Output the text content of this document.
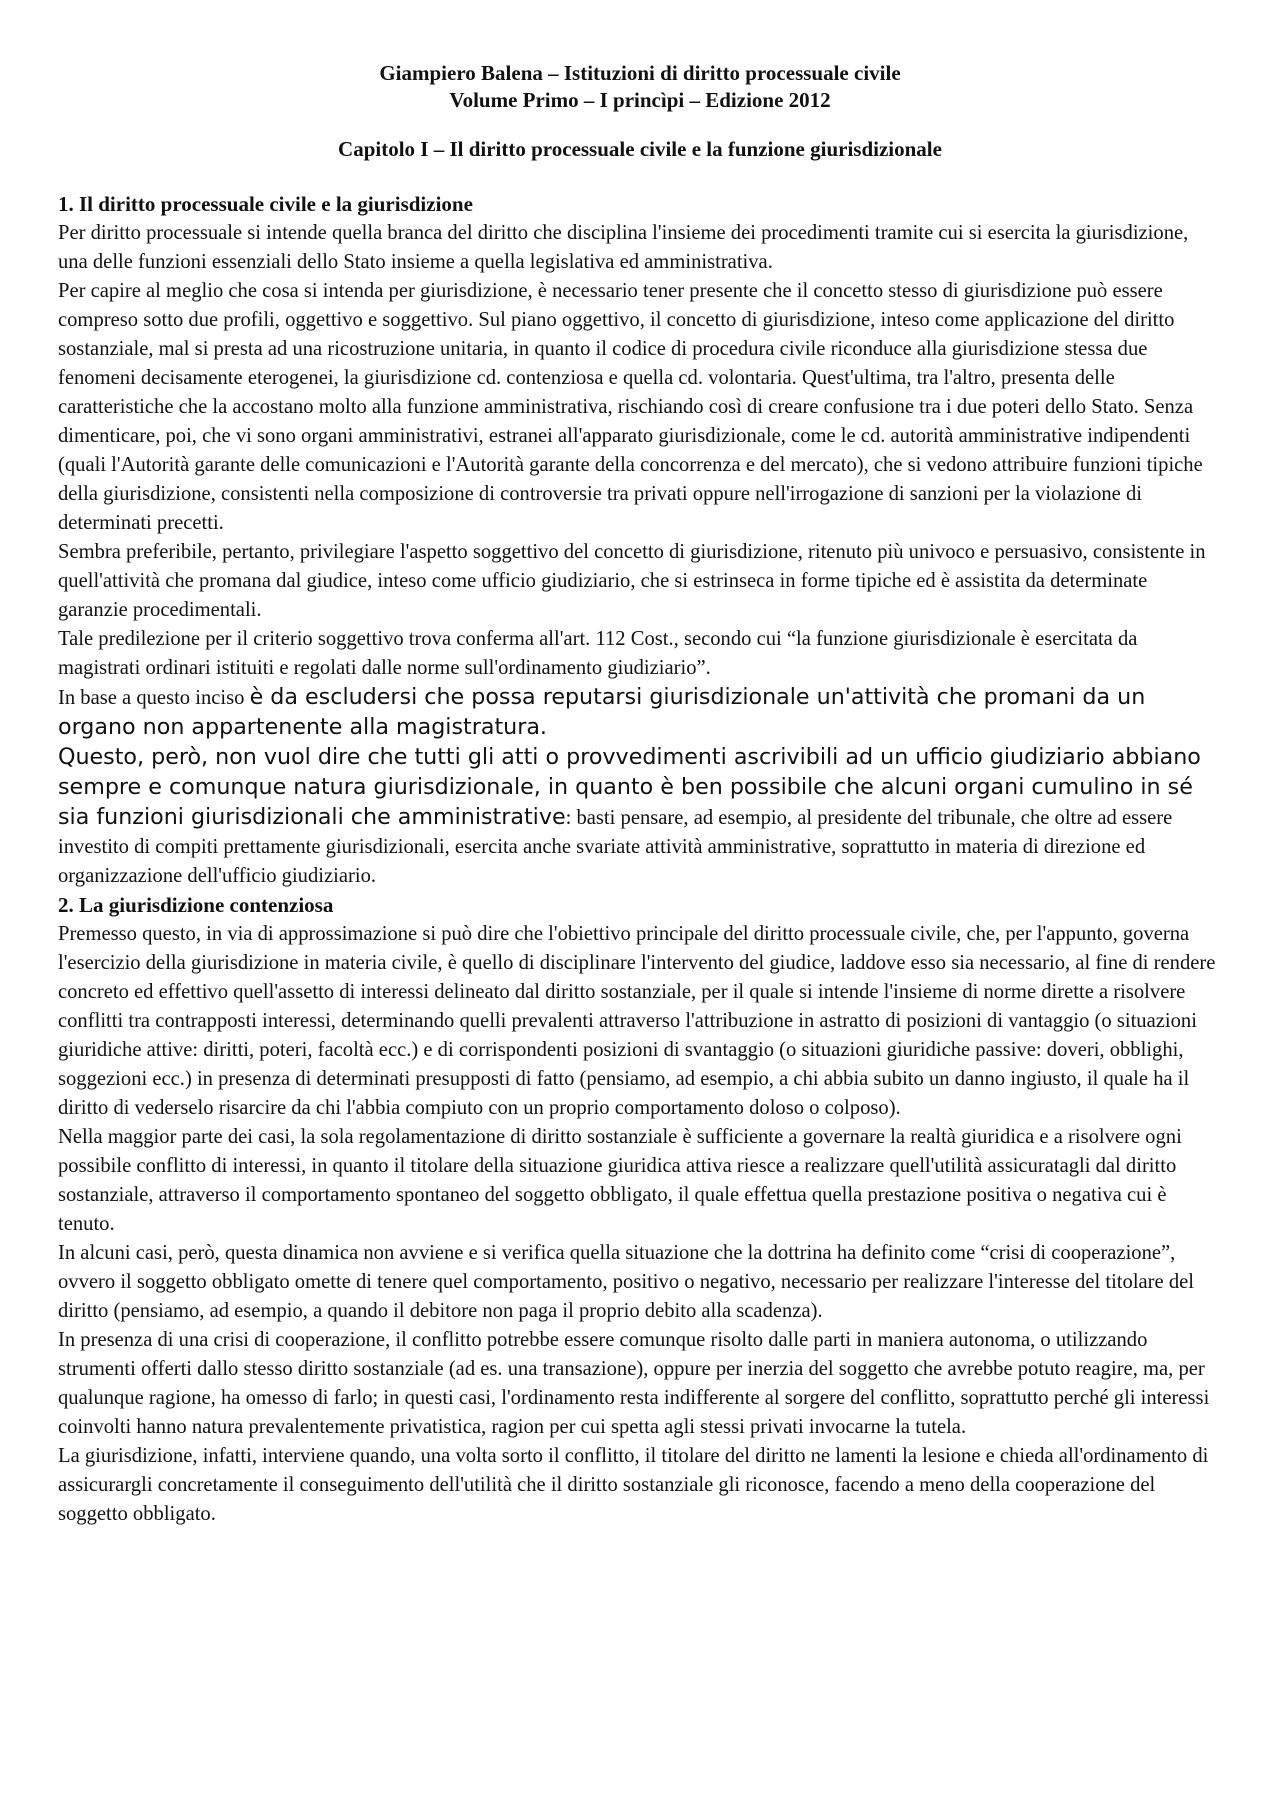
Giampiero Balena – Istituzioni di diritto processuale civile
Volume Primo – I princìpi – Edizione 2012
Capitolo I – Il diritto processuale civile e la funzione giurisdizionale
1. Il diritto processuale civile e la giurisdizione

Per diritto processuale si intende quella branca del diritto che disciplina l'insieme dei procedimenti tramite cui si esercita la giurisdizione, una delle funzioni essenziali dello Stato insieme a quella legislativa ed amministrativa.

Per capire al meglio che cosa si intenda per giurisdizione, è necessario tener presente che il concetto stesso di giurisdizione può essere compreso sotto due profili, oggettivo e soggettivo. Sul piano oggettivo, il concetto di giurisdizione, inteso come applicazione del diritto sostanziale, mal si presta ad una ricostruzione unitaria, in quanto il codice di procedura civile riconduce alla giurisdizione stessa due fenomeni decisamente eterogenei, la giurisdizione cd. contenziosa e quella cd. volontaria. Quest'ultima, tra l'altro, presenta delle caratteristiche che la accostano molto alla funzione amministrativa, rischiando così di creare confusione tra i due poteri dello Stato. Senza dimenticare, poi, che vi sono organi amministrativi, estranei all'apparato giurisdizionale, come le cd. autorità amministrative indipendenti (quali l'Autorità garante delle comunicazioni e l'Autorità garante della concorrenza e del mercato), che si vedono attribuire funzioni tipiche della giurisdizione, consistenti nella composizione di controversie tra privati oppure nell'irrogazione di sanzioni per la violazione di determinati precetti.

Sembra preferibile, pertanto, privilegiare l'aspetto soggettivo del concetto di giurisdizione, ritenuto più univoco e persuasivo, consistente in quell'attività che promana dal giudice, inteso come ufficio giudiziario, che si estrinseca in forme tipiche ed è assistita da determinate garanzie procedimentali.

Tale predilezione per il criterio soggettivo trova conferma all'art. 112 Cost., secondo cui “la funzione giurisdizionale è esercitata da magistrati ordinari istituiti e regolati dalle norme sull'ordinamento giudiziario”.

In base a questo inciso è da escludersi che possa reputarsi giurisdizionale un'attività che promani da un organo non appartenente alla magistratura.
Questo, però, non vuol dire che tutti gli atti o provvedimenti ascrivibili ad un ufficio giudiziario abbiano sempre e comunque natura giurisdizionale, in quanto è ben possibile che alcuni organi cumulino in sé sia funzioni giurisdizionali che amministrative: basti pensare, ad esempio, al presidente del tribunale, che oltre ad essere investito di compiti prettamente giurisdizionali, esercita anche svariate attività amministrative, soprattutto in materia di direzione ed organizzazione dell'ufficio giudiziario.

2. La giurisdizione contenziosa

Premesso questo, in via di approssimazione si può dire che l'obiettivo principale del diritto processuale civile, che, per l'appunto, governa l'esercizio della giurisdizione in materia civile, è quello di disciplinare l'intervento del giudice, laddove esso sia necessario, al fine di rendere concreto ed effettivo quell'assetto di interessi delineato dal diritto sostanziale, per il quale si intende l'insieme di norme dirette a risolvere conflitti tra contrapposti interessi, determinando quelli prevalenti attraverso l'attribuzione in astratto di posizioni di vantaggio (o situazioni giuridiche attive: diritti, poteri, facoltà ecc.) e di corrispondenti posizioni di svantaggio (o situazioni giuridiche passive: doveri, obblighi, soggezioni ecc.) in presenza di determinati presupposti di fatto (pensiamo, ad esempio, a chi abbia subito un danno ingiusto, il quale ha il diritto di vederselo risarcire da chi l'abbia compiuto con un proprio comportamento doloso o colposo).

Nella maggior parte dei casi, la sola regolamentazione di diritto sostanziale è sufficiente a governare la realtà giuridica e a risolvere ogni possibile conflitto di interessi, in quanto il titolare della situazione giuridica attiva riesce a realizzare quell'utilità assicuratagli dal diritto sostanziale, attraverso il comportamento spontaneo del soggetto obbligato, il quale effettua quella prestazione positiva o negativa cui è tenuto.

In alcuni casi, però, questa dinamica non avviene e si verifica quella situazione che la dottrina ha definito come “crisi di cooperazione”, ovvero il soggetto obbligato omette di tenere quel comportamento, positivo o negativo, necessario per realizzare l'interesse del titolare del diritto (pensiamo, ad esempio, a quando il debitore non paga il proprio debito alla scadenza).

In presenza di una crisi di cooperazione, il conflitto potrebbe essere comunque risolto dalle parti in maniera autonoma, o utilizzando strumenti offerti dallo stesso diritto sostanziale (ad es. una transazione), oppure per inerzia del soggetto che avrebbe potuto reagire, ma, per qualunque ragione, ha omesso di farlo; in questi casi, l'ordinamento resta indifferente al sorgere del conflitto, soprattutto perché gli interessi coinvolti hanno natura prevalentemente privatistica, ragion per cui spetta agli stessi privati invocarne la tutela.

La giurisdizione, infatti, interviene quando, una volta sorto il conflitto, il titolare del diritto ne lamenti la lesione e chieda all'ordinamento di assicurargli concretamente il conseguimento dell'utilità che il diritto sostanziale gli riconosce, facendo a meno della cooperazione del soggetto obbligato.
